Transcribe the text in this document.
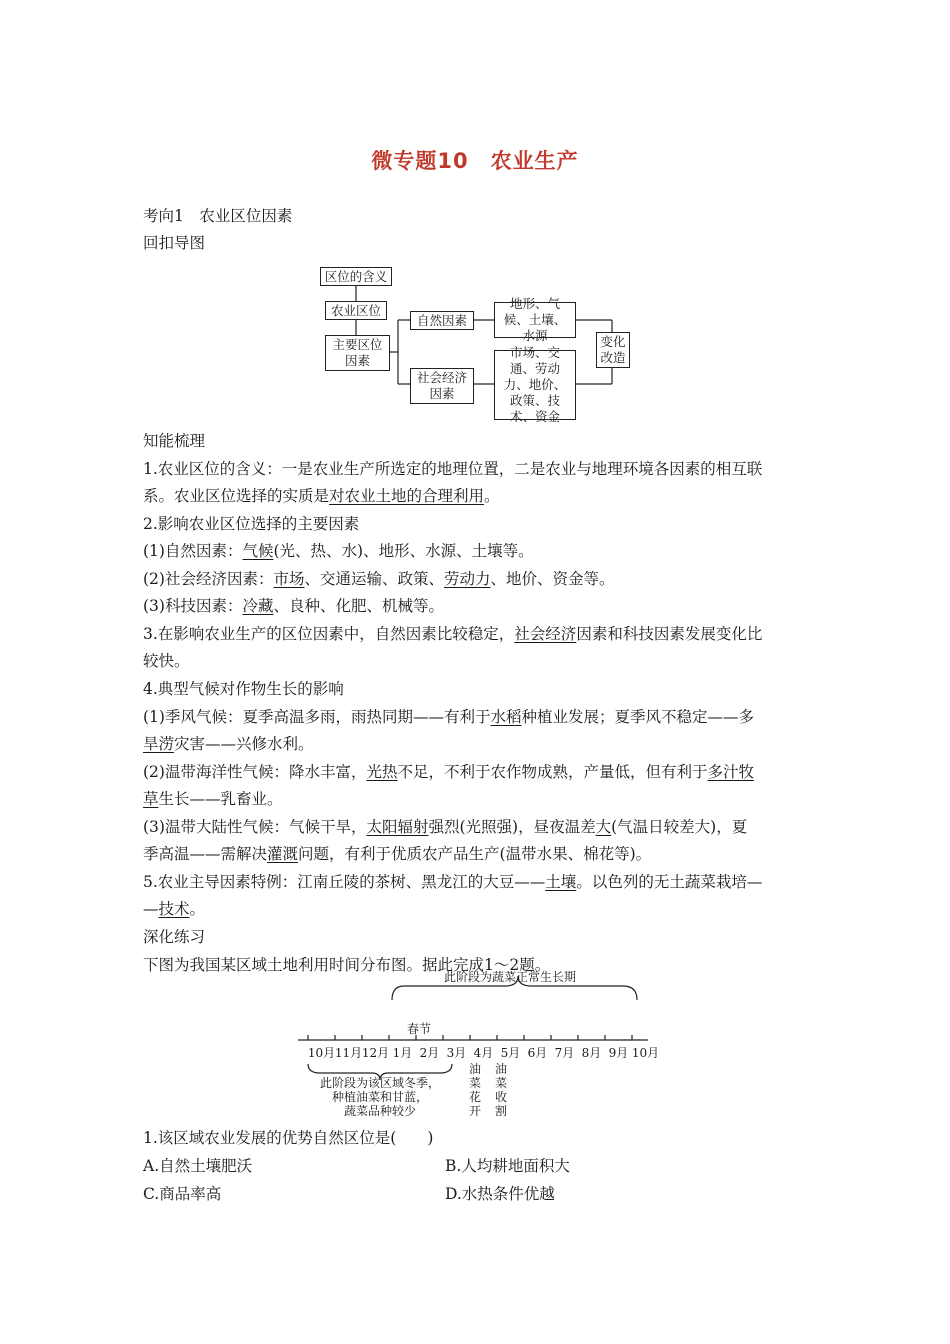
微专题10　农业生产
考向1　农业区位因素
回扣导图
区位的含义
农业区位
主要区位因素
自然因素
社会经济因素
地形、气候、土壤、水源
市场、交通、劳动力、地价、政策、技术、资金
变化改造
知能梳理
1.农业区位的含义：一是农业生产所选定的地理位置，二是农业与地理环境各因素的相互联
系。农业区位选择的实质是对农业土地的合理利用。
2.影响农业区位选择的主要因素
(1)自然因素：气候(光、热、水)、地形、水源、土壤等。
(2)社会经济因素：市场、交通运输、政策、劳动力、地价、资金等。
(3)科技因素：冷藏、良种、化肥、机械等。
3.在影响农业生产的区位因素中，自然因素比较稳定，社会经济因素和科技因素发展变化比
较快。
4.典型气候对作物生长的影响
(1)季风气候：夏季高温多雨，雨热同期——有利于水稻种植业发展；夏季风不稳定——多
旱涝灾害——兴修水利。
(2)温带海洋性气候：降水丰富，光热不足，不利于农作物成熟，产量低，但有利于多汁牧
草生长——乳畜业。
(3)温带大陆性气候：气候干旱，太阳辐射强烈(光照强)，昼夜温差大(气温日较差大)，夏
季高温——需解决灌溉问题，有利于优质农产品生产(温带水果、棉花等)。
5.农业主导因素特例：江南丘陵的茶树、黑龙江的大豆——土壤。以色列的无土蔬菜栽培—
—技术。
深化练习
下图为我国某区域土地利用时间分布图。据此完成1～2题。
10月 11月 12月 1月 2月 3月 4月 5月 6月 7月 8月 9月 10月
此阶段为蔬菜正常生长期
春节
此阶段为该区域冬季，
种植油菜和甘蓝，
蔬菜品种较少
油
菜
花
开
油
菜
收
割
1.该区域农业发展的优势自然区位是(　　)
A.自然土壤肥沃	B.人均耕地面积大
C.商品率高	D.水热条件优越
